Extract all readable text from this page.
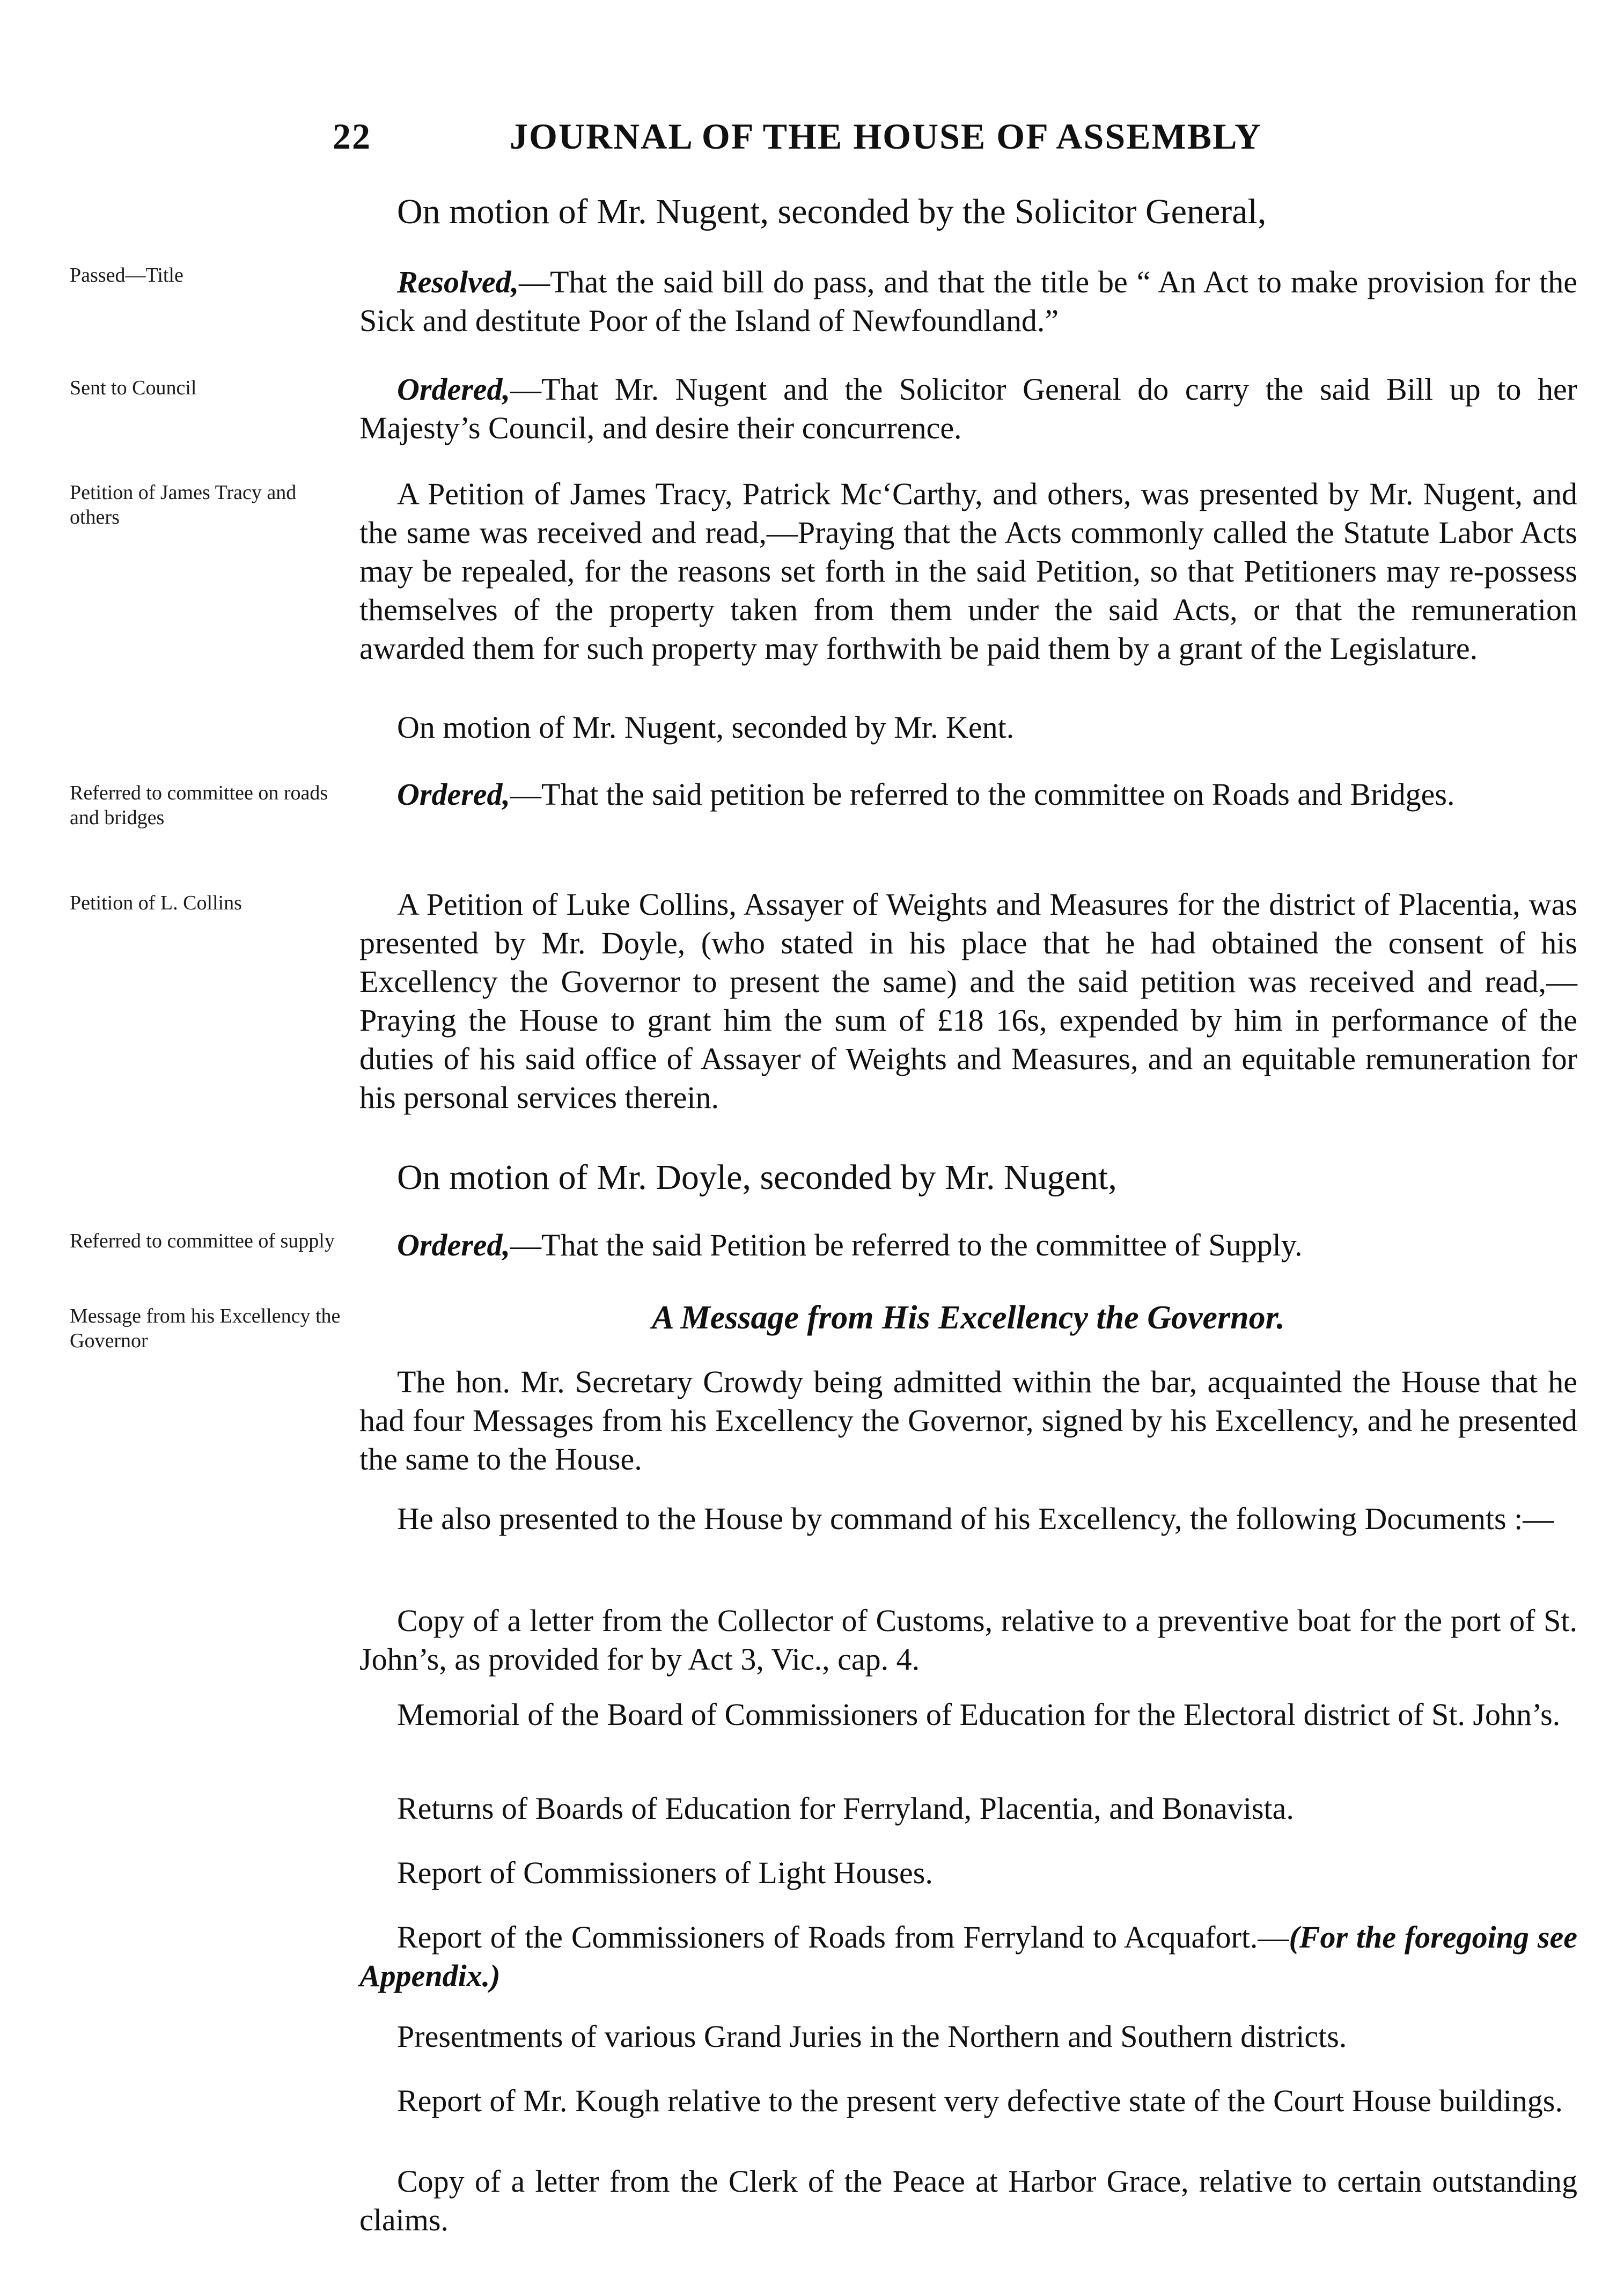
22	JOURNAL OF THE HOUSE OF ASSEMBLY
Passed—Title
Sent to Council
Petition of James Tracy and others
Referred to committee on roads and bridges
Petition of L. Collins
Referred to committee of supply
Message from his Excellency the Governor
On motion of Mr. Nugent, seconded by the Solicitor General,
Resolved,—That the said bill do pass, and that the title be “ An Act to make provision for the Sick and destitute Poor of the Island of Newfoundland.”
Ordered,—That Mr. Nugent and the Solicitor General do carry the said Bill up to her Majesty’s Council, and desire their concurrence.
A Petition of James Tracy, Patrick Mc‘Carthy, and others, was presented by Mr. Nugent, and the same was received and read,—Praying that the Acts commonly called the Statute Labor Acts may be repealed, for the reasons set forth in the said Petition, so that Petitioners may re-possess themselves of the property taken from them under the said Acts, or that the remuneration awarded them for such property may forthwith be paid them by a grant of the Legislature.
On motion of Mr. Nugent, seconded by Mr. Kent.
Ordered,—That the said petition be referred to the committee on Roads and Bridges.
A Petition of Luke Collins, Assayer of Weights and Measures for the district of Placentia, was presented by Mr. Doyle, (who stated in his place that he had obtained the consent of his Excellency the Governor to present the same) and the said petition was received and read,—Praying the House to grant him the sum of £18 16s, expended by him in performance of the duties of his said office of Assayer of Weights and Measures, and an equitable remuneration for his personal services therein.
On motion of Mr. Doyle, seconded by Mr. Nugent,
Ordered,—That the said Petition be referred to the committee of Supply.
A Message from His Excellency the Governor.
The hon. Mr. Secretary Crowdy being admitted within the bar, acquainted the House that he had four Messages from his Excellency the Governor, signed by his Excellency, and he presented the same to the House.
He also presented to the House by command of his Excellency, the following Documents :—
Copy of a letter from the Collector of Customs, relative to a preventive boat for the port of St. John’s, as provided for by Act 3, Vic., cap. 4.
Memorial of the Board of Commissioners of Education for the Electoral district of St. John’s.
Returns of Boards of Education for Ferryland, Placentia, and Bonavista.
Report of Commissioners of Light Houses.
Report of the Commissioners of Roads from Ferryland to Acquafort.—(For the foregoing see Appendix.)
Presentments of various Grand Juries in the Northern and Southern districts.
Report of Mr. Kough relative to the present very defective state of the Court House buildings.
Copy of a letter from the Clerk of the Peace at Harbor Grace, relative to certain outstanding claims.
